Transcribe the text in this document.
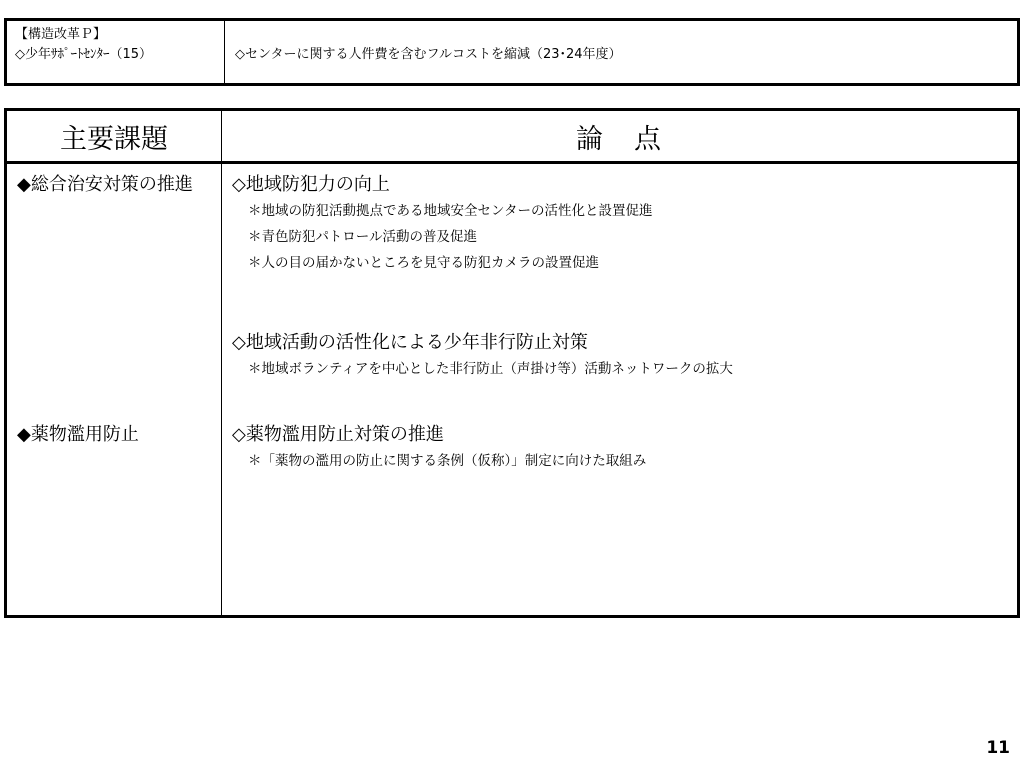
【構造改革Ｐ】
◇少年ｻﾎﾟｰﾄｾﾝﾀｰ（15）	◇センターに関する人件費を含むフルコストを縮減（23･24年度）
主要課題	論　点
◆総合治安対策の推進
◆薬物濫用防止
◇地域防犯力の向上
＊地域の防犯活動拠点である地域安全センターの活性化と設置促進
＊青色防犯パトロール活動の普及促進
＊人の目の届かないところを見守る防犯カメラの設置促進
◇地域活動の活性化による少年非行防止対策
＊地域ボランティアを中心とした非行防止（声掛け等）活動ネットワークの拡大
◇薬物濫用防止対策の推進
＊「薬物の濫用の防止に関する条例（仮称）」制定に向けた取組み
11
